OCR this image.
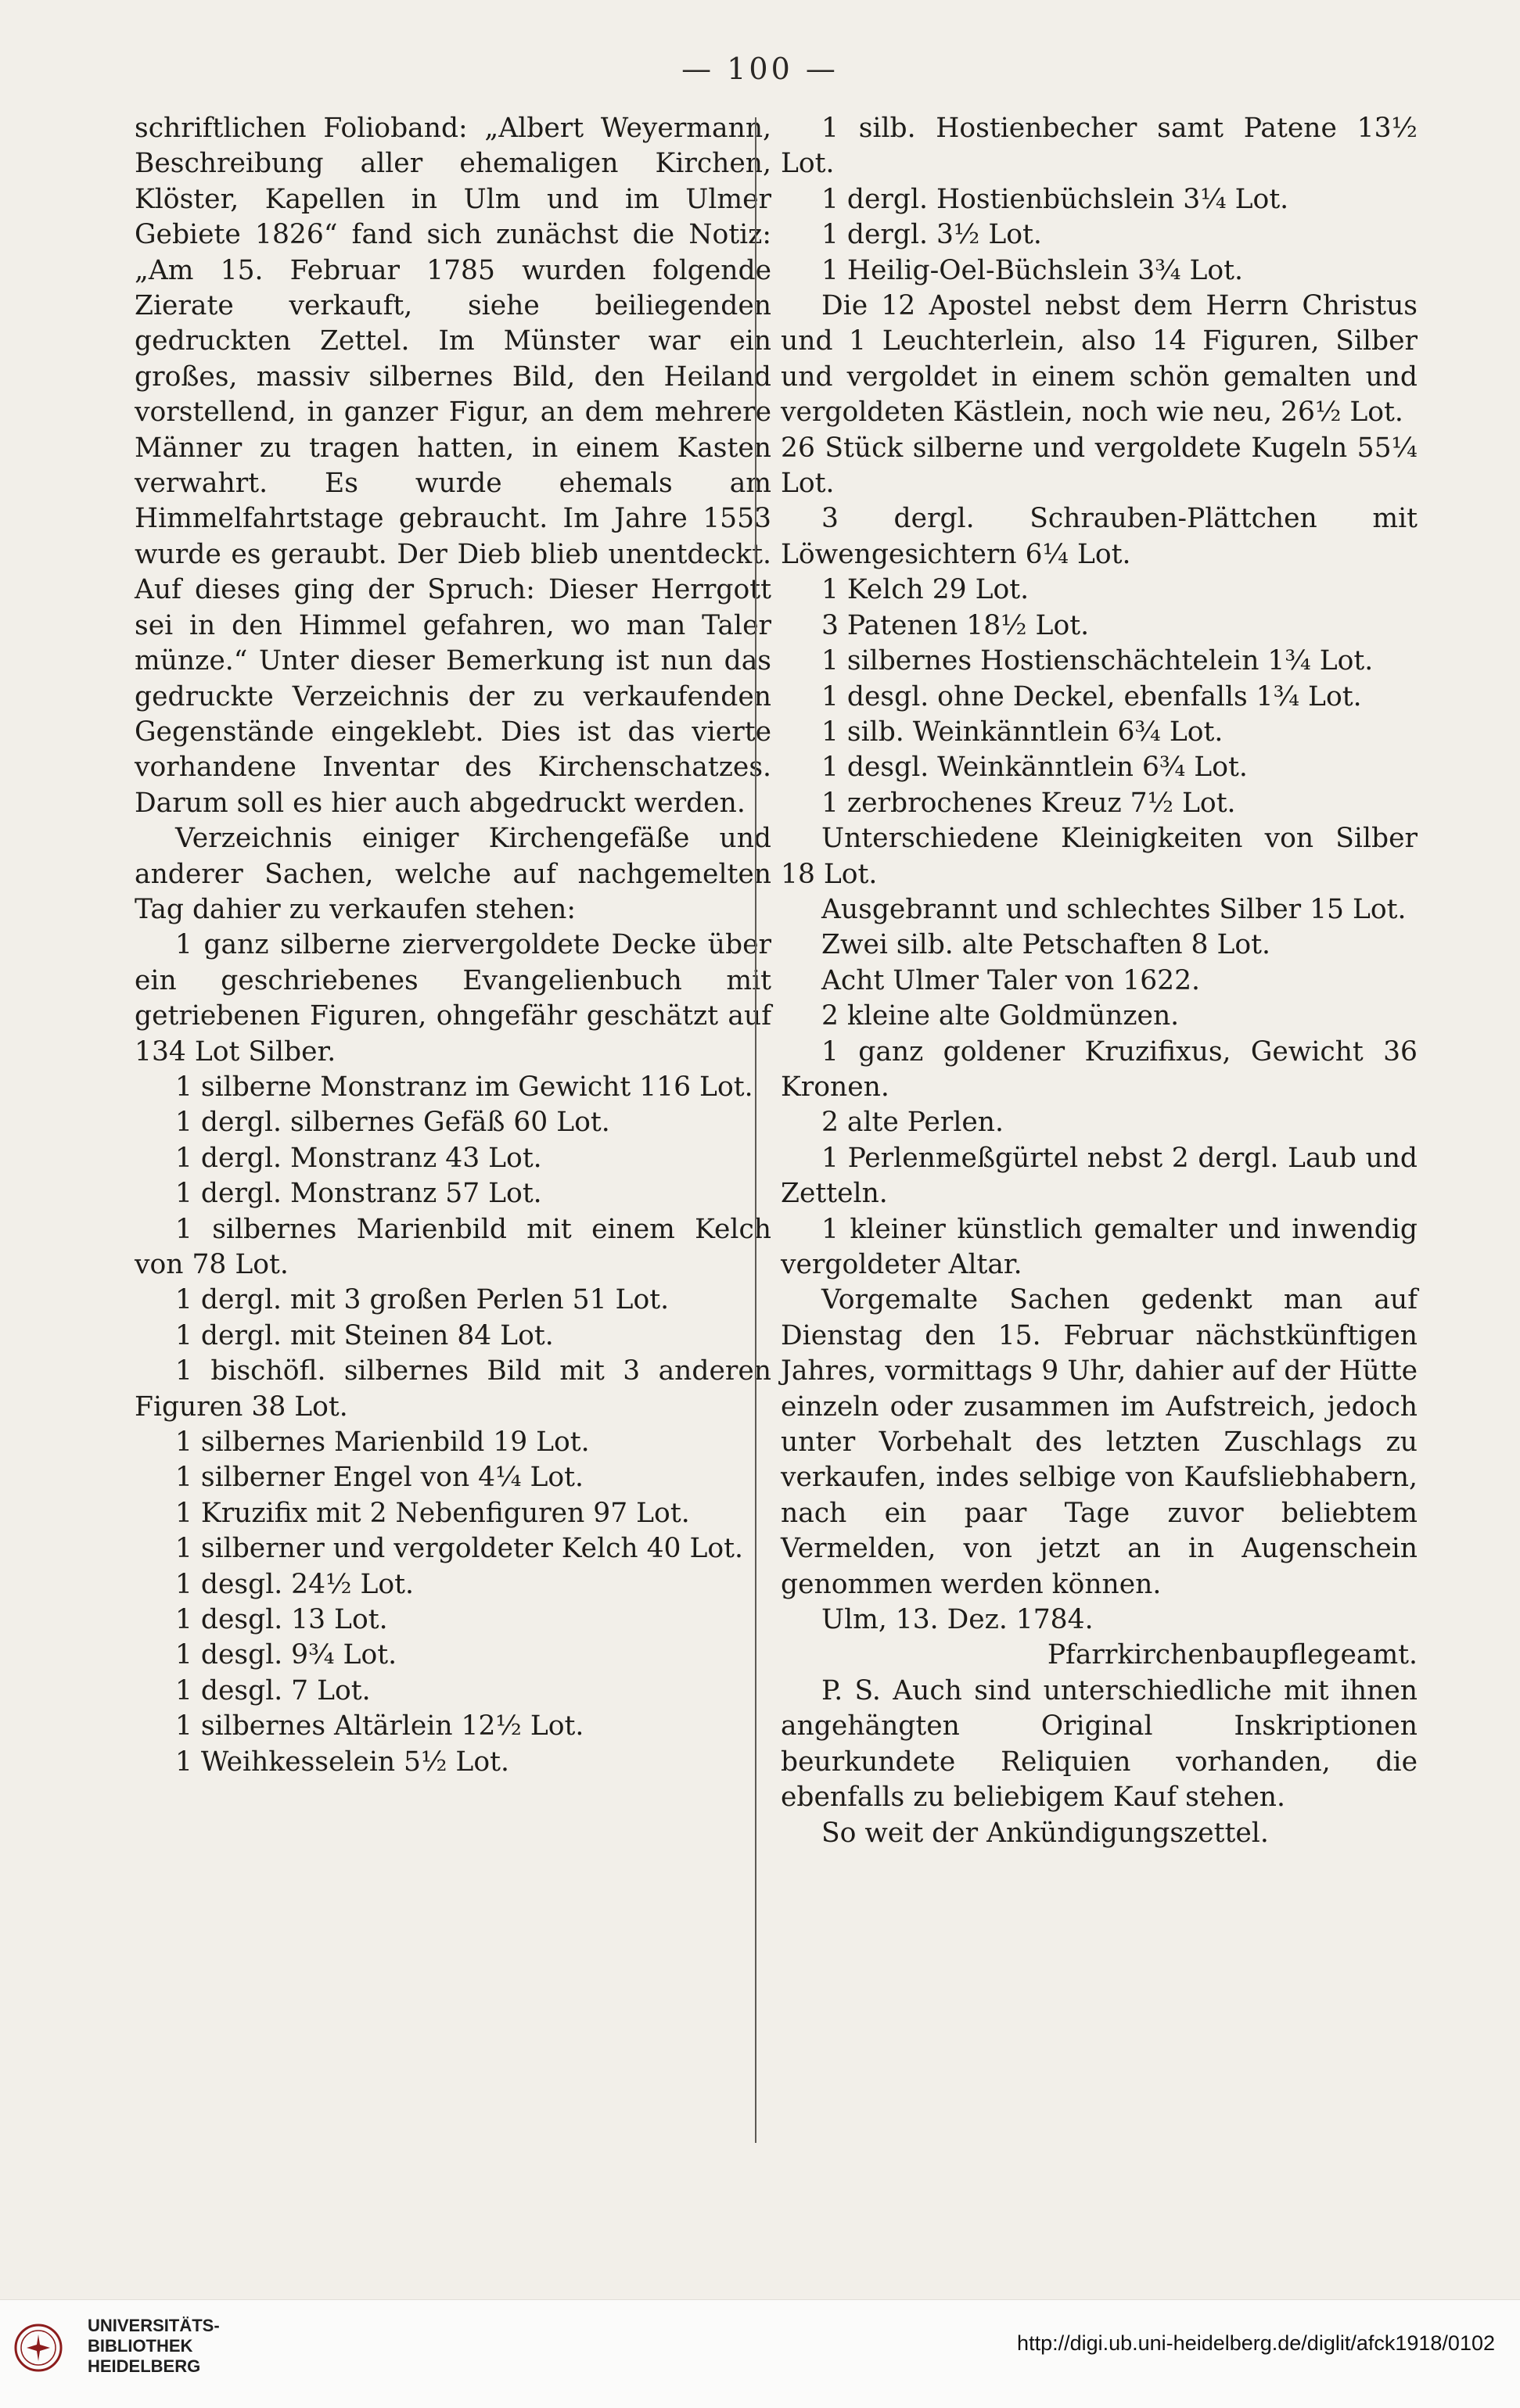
— 100 —

schriftlichen Folioband: „Albert Weyermann, Beschreibung aller ehemaligen Kirchen, Klöster, Kapellen in Ulm und im Ulmer Gebiete 1826“ fand sich zunächst die Notiz: „Am 15. Februar 1785 wurden folgende Zierate verkauft, siehe beiliegenden gedruckten Zettel. Im Münster war ein großes, massiv silbernes Bild, den Heiland vorstellend, in ganzer Figur, an dem mehrere Männer zu tragen hatten, in einem Kasten verwahrt. Es wurde ehemals am Himmelfahrtstage gebraucht. Im Jahre 1553 wurde es geraubt. Der Dieb blieb unentdeckt. Auf dieses ging der Spruch: Dieser Herrgott sei in den Himmel gefahren, wo man Taler münze.“ Unter dieser Bemerkung ist nun das gedruckte Verzeichnis der zu verkaufenden Gegenstände eingeklebt. Dies ist das vierte vorhandene Inventar des Kirchenschatzes. Darum soll es hier auch abgedruckt werden.

Verzeichnis einiger Kirchengefäße und anderer Sachen, welche auf nachgemelten Tag dahier zu verkaufen stehen:

1 ganz silberne ziervergoldete Decke über ein geschriebenes Evangelienbuch mit getriebenen Figuren, ohngefähr geschätzt auf 134 Lot Silber.

1 silberne Monstranz im Gewicht 116 Lot.

1 dergl. silbernes Gefäß 60 Lot.

1 dergl. Monstranz 43 Lot.

1 dergl. Monstranz 57 Lot.

1 silbernes Marienbild mit einem Kelch von 78 Lot.

1 dergl. mit 3 großen Perlen 51 Lot.

1 dergl. mit Steinen 84 Lot.

1 bischöfl. silbernes Bild mit 3 anderen Figuren 38 Lot.

1 silbernes Marienbild 19 Lot.

1 silberner Engel von 4¼ Lot.

1 Kruzifix mit 2 Nebenfiguren 97 Lot.

1 silberner und vergoldeter Kelch 40 Lot.

1 desgl. 24½ Lot.

1 desgl. 13 Lot.

1 desgl. 9¾ Lot.

1 desgl. 7 Lot.

1 silbernes Altärlein 12½ Lot.

1 Weihkesselein 5½ Lot.

1 silb. Hostienbecher samt Patene 13½ Lot.

1 dergl. Hostienbüchslein 3¼ Lot.

1 dergl. 3½ Lot.

1 Heilig-Oel-Büchslein 3¾ Lot.

Die 12 Apostel nebst dem Herrn Christus und 1 Leuchterlein, also 14 Figuren, Silber und vergoldet in einem schön gemalten und vergoldeten Kästlein, noch wie neu, 26½ Lot.

26 Stück silberne und vergoldete Kugeln 55¼ Lot.

3 dergl. Schrauben-Plättchen mit Löwengesichtern 6¼ Lot.

1 Kelch 29 Lot.

3 Patenen 18½ Lot.

1 silbernes Hostienschächtelein 1¾ Lot.

1 desgl. ohne Deckel, ebenfalls 1¾ Lot.

1 silb. Weinkänntlein 6¾ Lot.

1 desgl. Weinkänntlein 6¾ Lot.

1 zerbrochenes Kreuz 7½ Lot.

Unterschiedene Kleinigkeiten von Silber 18 Lot.

Ausgebrannt und schlechtes Silber 15 Lot.

Zwei silb. alte Petschaften 8 Lot.

Acht Ulmer Taler von 1622.

2 kleine alte Goldmünzen.

1 ganz goldener Kruzifixus, Gewicht 36 Kronen.

2 alte Perlen.

1 Perlenmeßgürtel nebst 2 dergl. Laub und Zetteln.

1 kleiner künstlich gemalter und inwendig vergoldeter Altar.

Vorgemalte Sachen gedenkt man auf Dienstag den 15. Februar nächstkünftigen Jahres, vormittags 9 Uhr, dahier auf der Hütte einzeln oder zusammen im Aufstreich, jedoch unter Vorbehalt des letzten Zuschlags zu verkaufen, indes selbige von Kaufsliebhabern, nach ein paar Tage zuvor beliebtem Vermelden, von jetzt an in Augenschein genommen werden können.

Ulm, 13. Dez. 1784.

Pfarrkirchenbaupflegeamt.

P. S. Auch sind unterschiedliche mit ihnen angehängten Original Inskriptionen beurkundete Reliquien vorhanden, die ebenfalls zu beliebigem Kauf stehen.

So weit der Ankündigungszettel.

UNIVERSITÄTS-
BIBLIOTHEK
HEIDELBERG
http://digi.ub.uni-heidelberg.de/diglit/afck1918/0102
